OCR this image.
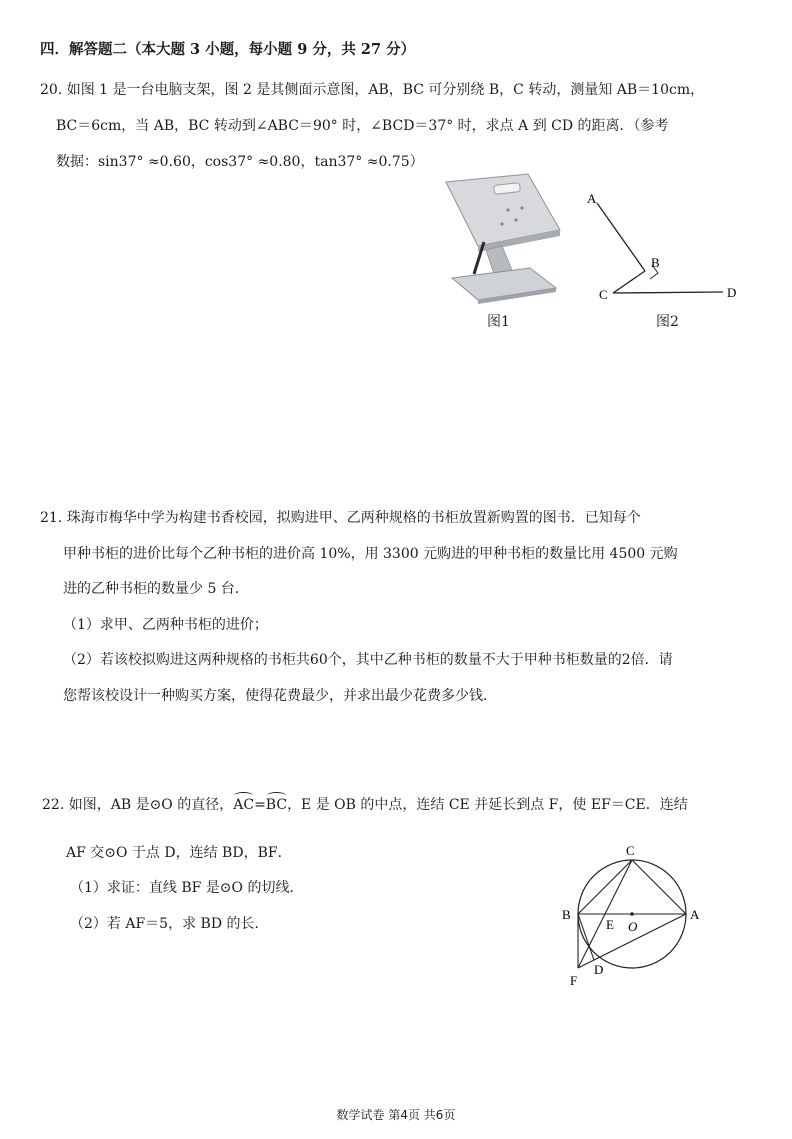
四．解答题二（本大题 3 小题，每小题 9 分，共 27 分）
20. 如图 1 是一台电脑支架，图 2 是其侧面示意图，AB，BC 可分别绕 B，C 转动，测量知 AB＝10cm，
BC＝6cm，当 AB，BC 转动到∠ABC＝90° 时，∠BCD＝37° 时，求点 A 到 CD 的距离．（参考
数据：sin37° ≈0.60，cos37° ≈0.80，tan37° ≈0.75）
图1
A
B
C	D
图2
21. 珠海市梅华中学为构建书香校园，拟购进甲、乙两种规格的书柜放置新购置的图书．已知每个
甲种书柜的进价比每个乙种书柜的进价高 10%，用 3300 元购进的甲种书柜的数量比用 4500 元购
进的乙种书柜的数量少 5 台．
（1）求甲、乙两种书柜的进价；
（2）若该校拟购进这两种规格的书柜共60个，其中乙种书柜的数量不大于甲种书柜数量的2倍．请
您帮该校设计一种购买方案，使得花费最少，并求出最少花费多少钱．
22. 如图，AB 是⊙O 的直径，
AC=
BC，E 是 OB 的中点，连结 CE 并延长到点 F，使 EF＝CE．连结
AF 交⊙O 于点 D，连结 BD，BF．
（1）求证：直线 BF 是⊙O 的切线．
（2）若 AF＝5，求 BD 的长．
C
B
E O
A
F
D
数学试卷 第4页 共6页
